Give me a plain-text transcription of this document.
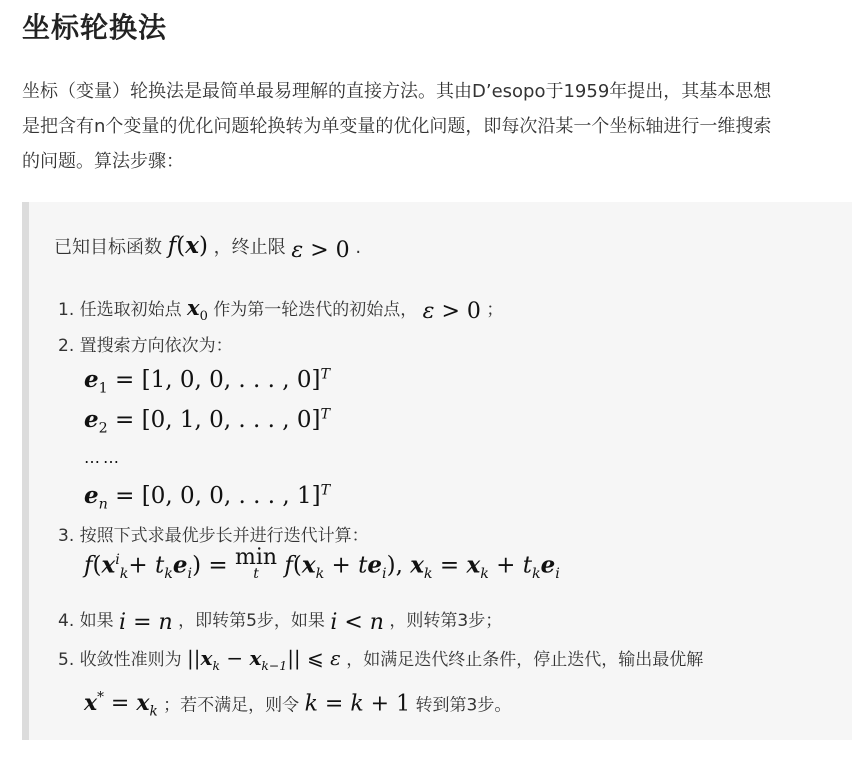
坐标轮换法

坐标（变量）轮换法是最简单最易理解的直接方法。其由D’esopo于1959年提出，其基本思想

是把含有n个变量的优化问题轮换转为单变量的优化问题，即每次沿某一个坐标轴进行一维搜索

的问题。算法步骤：

已知目标函数 f(x) ，终止限 ε > 0 .
1. 任选取初始点 $x_0$ 作为第一轮迭代的初始点， ε > 0 ；
2. 置搜索方向依次为：
$e_1 = [1$, 0, 0, . . . , 0]$^T$
$e_2 = [0$, 1, 0, . . . , 0]$^T$
……
$e_n = [0$, 0, 0, . . . , 1]$^T$
3. 按照下式求最优步长并进行迭代计算：
$f(x^i_k+ t_ke_i) = \min$
t	$f(x_k + te_i)$, $x_k = x_k + t_ke_i$
4. 如果 i = n ，即转第5步，如果 i < n ，则转第3步；
5. 收敛性准则为 $||x_k - x_{k-1}||$ ⩽ ε ，如满足迭代终止条件，停止迭代，输出最优解
$x^* = x_k$ ；若不满足，则令 k = k + 1 转到第3步。
